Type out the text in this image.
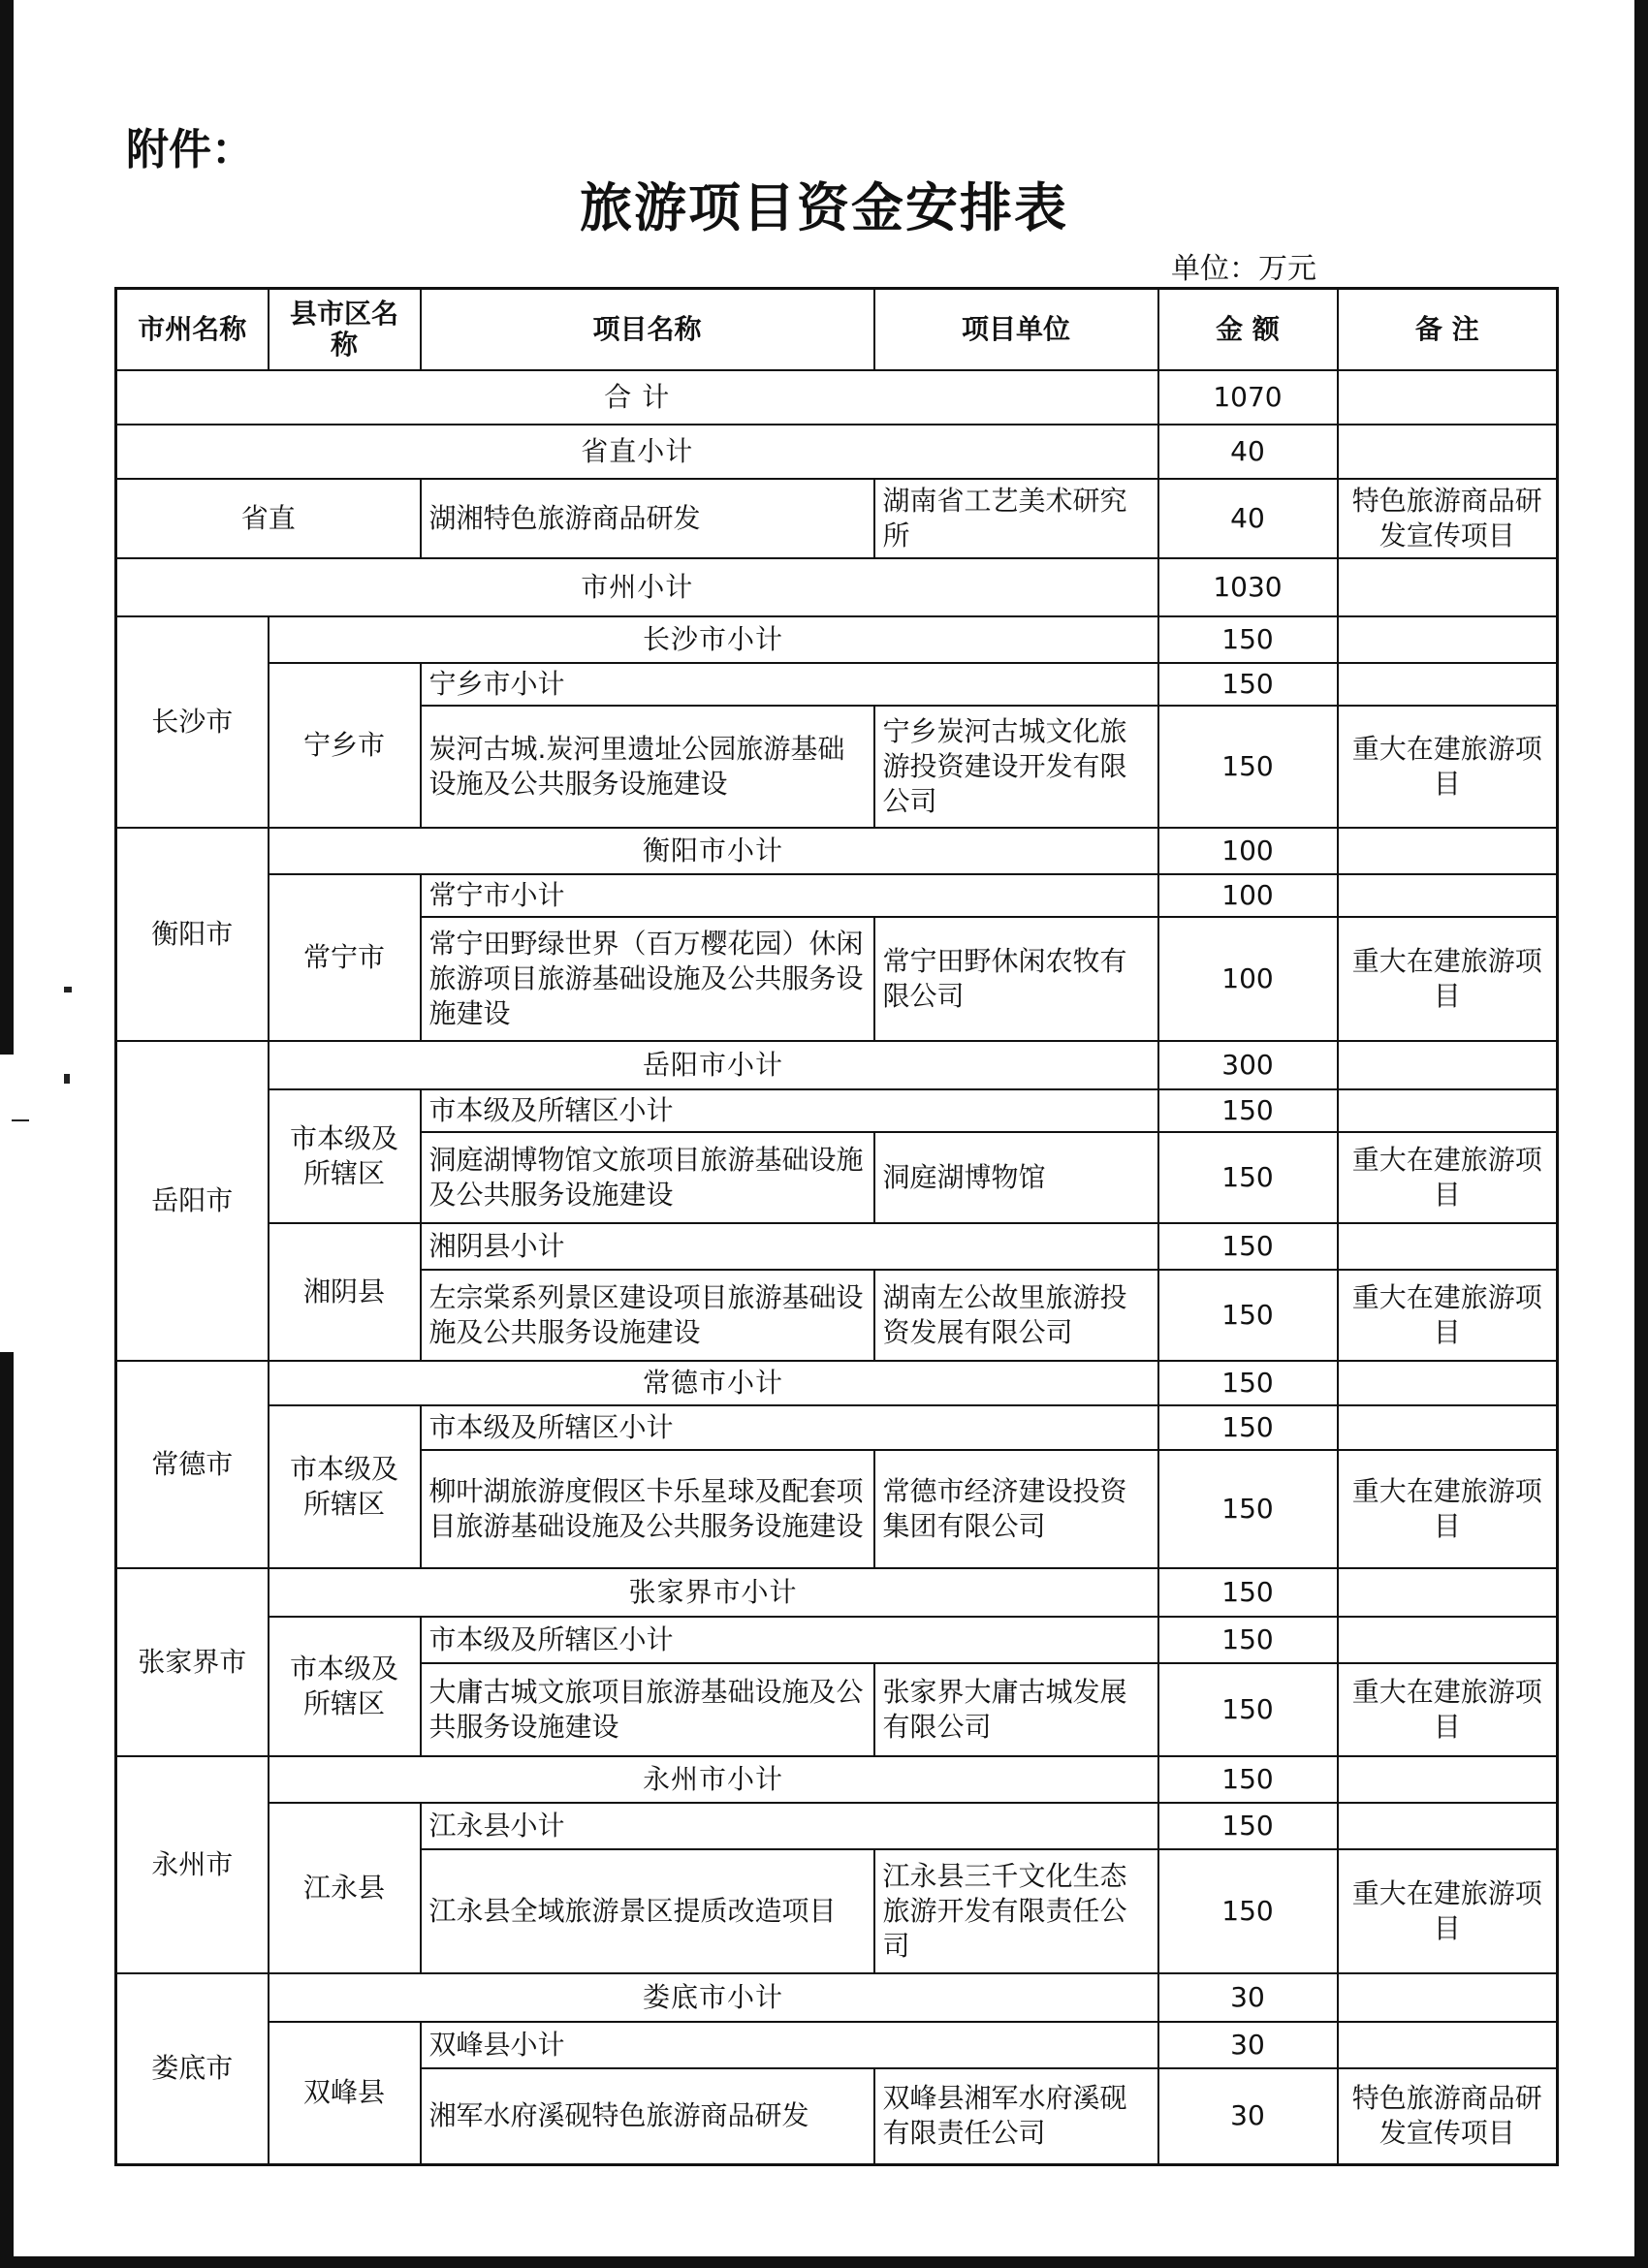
附件：
旅游项目资金安排表
单位：万元
市州名称	县市区名称	项目名称	项目单位	金 额	备 注
合 计				1070	
省直小计				40	
省直		湖湘特色旅游商品研发	湖南省工艺美术研究所	40	特色旅游商品研发宣传项目
市州小计				1030	
长沙市	长沙市小计			150	
	宁乡市	宁乡市小计		150	
		炭河古城.炭河里遗址公园旅游基础设施及公共服务设施建设	宁乡炭河古城文化旅游投资建设开发有限公司	150	重大在建旅游项目
衡阳市	衡阳市小计			100	
	常宁市	常宁市小计		100	
		常宁田野绿世界（百万樱花园）休闲旅游项目旅游基础设施及公共服务设施建设	常宁田野休闲农牧有限公司	100	重大在建旅游项目
岳阳市	岳阳市小计			300	
	市本级及所辖区	市本级及所辖区小计		150	
		洞庭湖博物馆文旅项目旅游基础设施及公共服务设施建设	洞庭湖博物馆	150	重大在建旅游项目
	湘阴县	湘阴县小计		150	
		左宗棠系列景区建设项目旅游基础设施及公共服务设施建设	湖南左公故里旅游投资发展有限公司	150	重大在建旅游项目
常德市	常德市小计			150	
	市本级及所辖区	市本级及所辖区小计		150	
		柳叶湖旅游度假区卡乐星球及配套项目旅游基础设施及公共服务设施建设	常德市经济建设投资集团有限公司	150	重大在建旅游项目
张家界市	张家界市小计			150	
	市本级及所辖区	市本级及所辖区小计		150	
		大庸古城文旅项目旅游基础设施及公共服务设施建设	张家界大庸古城发展有限公司	150	重大在建旅游项目
永州市	永州市小计			150	
	江永县	江永县小计		150	
		江永县全域旅游景区提质改造项目	江永县三千文化生态旅游开发有限责任公司	150	重大在建旅游项目
娄底市	娄底市小计			30	
	双峰县	双峰县小计		30	
		湘军水府溪砚特色旅游商品研发	双峰县湘军水府溪砚有限责任公司	30	特色旅游商品研发宣传项目
